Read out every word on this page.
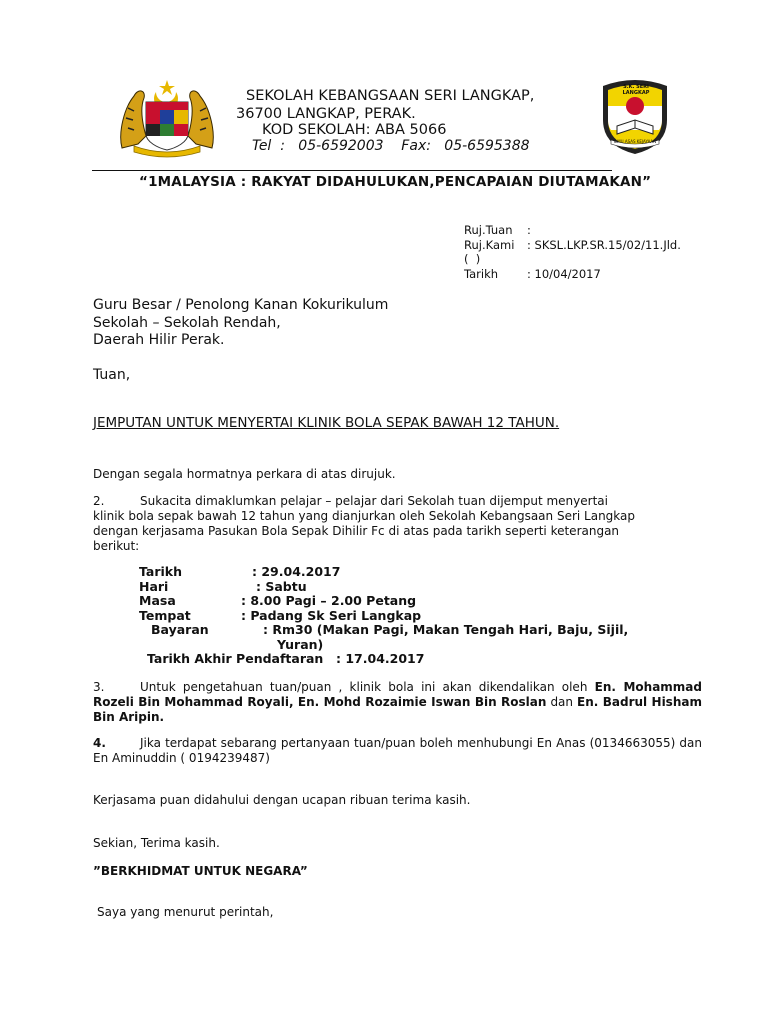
S.K. SERI LANGKAP
ILMU ASAS KEJAYAAN
SEKOLAH KEBANGSAAN SERI LANGKAP,
36700 LANGKAP, PERAK.
KOD SEKOLAH: ABA 5066
Tel  :   05-6592003    Fax:   05-6595388
“1MALAYSIA : RAKYAT DIDAHULUKAN,PENCAPAIAN DIUTAMAKAN”
Ruj.Tuan :
Ruj.Kami : SKSL.LKP.SR.15/02/11.Jld.
(  )
Tarikh	: 10/04/2017
Guru Besar / Penolong Kanan Kokurikulum
Sekolah – Sekolah Rendah,
Daerah Hilir Perak.
Tuan,
JEMPUTAN UNTUK MENYERTAI KLINIK BOLA SEPAK BAWAH 12 TAHUN.
Dengan segala hormatnya perkara di atas dirujuk.
2.	Sukacita dimaklumkan pelajar – pelajar dari Sekolah tuan dijemput menyertai klinik bola sepak bawah 12 tahun yang dianjurkan oleh Sekolah Kebangsaan Seri Langkap dengan kerjasama Pasukan Bola Sepak Dihilir Fc di atas pada tarikh seperti keterangan berikut:
Tarikh	: 29.04.2017
Hari	: Sabtu
Masa	: 8.00 Pagi – 2.00 Petang
Tempat	: Padang Sk Seri Langkap
Bayaran	: Rm30 (Makan Pagi, Makan Tengah Hari, Baju, Sijil,
Yuran)
Tarikh Akhir Pendaftaran : 17.04.2017
3.	Untuk pengetahuan tuan/puan , klinik bola ini akan dikendalikan oleh En. Mohammad Rozeli Bin Mohammad Royali, En. Mohd Rozaimie Iswan Bin Roslan dan En. Badrul Hisham Bin Aripin.
4.	Jika terdapat sebarang pertanyaan tuan/puan boleh menhubungi En Anas (0134663055) dan En Aminuddin ( 0194239487)
Kerjasama puan didahului dengan ucapan ribuan terima kasih.
Sekian, Terima kasih.
”BERKHIDMAT UNTUK NEGARA”
Saya yang menurut perintah,
